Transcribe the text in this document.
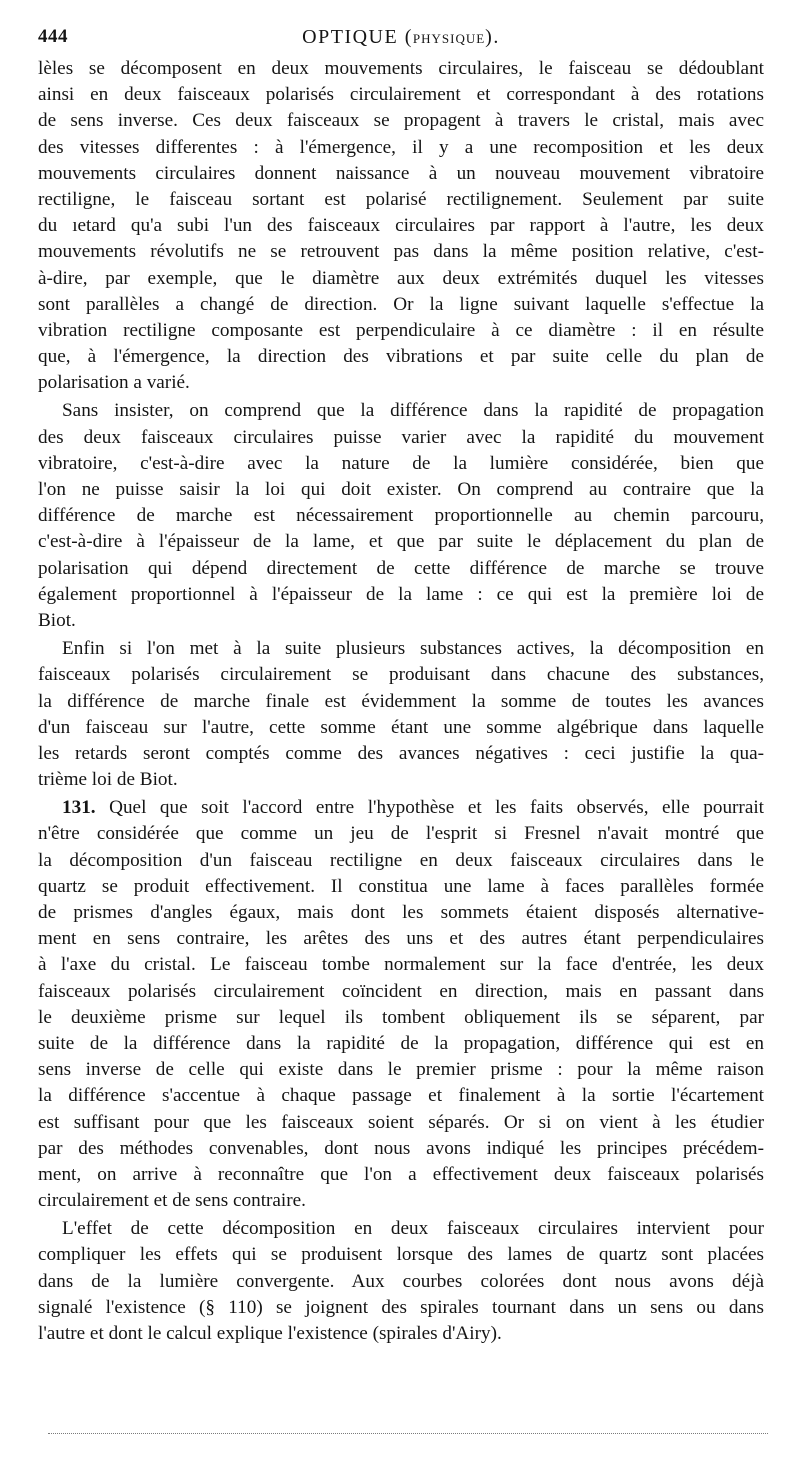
444	OPTIQUE (PHYSIQUE).
lèles se décomposent en deux mouvements circulaires, le faisceau se dédoublant
ainsi en deux faisceaux polarisés circulairement et correspondant à des rotations
de sens inverse. Ces deux faisceaux se propagent à travers le cristal, mais avec
des vitesses differentes : à l'émergence, il y a une recomposition et les deux
mouvements circulaires donnent naissance à un nouveau mouvement vibratoire
rectiligne, le faisceau sortant est polarisé rectilignement. Seulement par suite
du ıetard qu'a subi l'un des faisceaux circulaires par rapport à l'autre, les deux
mouvements révolutifs ne se retrouvent pas dans la même position relative, c'est-
à-dire, par exemple, que le diamètre aux deux extrémités duquel les vitesses
sont parallèles a changé de direction. Or la ligne suivant laquelle s'effectue la
vibration rectiligne composante est perpendiculaire à ce diamètre : il en résulte
que, à l'émergence, la direction des vibrations et par suite celle du plan de
polarisation a varié.
Sans insister, on comprend que la différence dans la rapidité de propagation
des deux faisceaux circulaires puisse varier avec la rapidité du mouvement
vibratoire, c'est-à-dire avec la nature de la lumière considérée, bien que
l'on ne puisse saisir la loi qui doit exister. On comprend au contraire que la
différence de marche est nécessairement proportionnelle au chemin parcouru,
c'est-à-dire à l'épaisseur de la lame, et que par suite le déplacement du plan de
polarisation qui dépend directement de cette différence de marche se trouve
également proportionnel à l'épaisseur de la lame : ce qui est la première loi de
Biot.
Enfin si l'on met à la suite plusieurs substances actives, la décomposition en
faisceaux polarisés circulairement se produisant dans chacune des substances,
la différence de marche finale est évidemment la somme de toutes les avances
d'un faisceau sur l'autre, cette somme étant une somme algébrique dans laquelle
les retards seront comptés comme des avances négatives : ceci justifie la qua-
trième loi de Biot.
131. Quel que soit l'accord entre l'hypothèse et les faits observés, elle pourrait
n'être considérée que comme un jeu de l'esprit si Fresnel n'avait montré que
la décomposition d'un faisceau rectiligne en deux faisceaux circulaires dans le
quartz se produit effectivement. Il constitua une lame à faces parallèles formée
de prismes d'angles égaux, mais dont les sommets étaient disposés alternative-
ment en sens contraire, les arêtes des uns et des autres étant perpendiculaires
à l'axe du cristal. Le faisceau tombe normalement sur la face d'entrée, les deux
faisceaux polarisés circulairement coïncident en direction, mais en passant dans
le deuxième prisme sur lequel ils tombent obliquement ils se séparent, par
suite de la différence dans la rapidité de la propagation, différence qui est en
sens inverse de celle qui existe dans le premier prisme : pour la même raison
la différence s'accentue à chaque passage et finalement à la sortie l'écartement
est suffisant pour que les faisceaux soient séparés. Or si on vient à les étudier
par des méthodes convenables, dont nous avons indiqué les principes précédem-
ment, on arrive à reconnaître que l'on a effectivement deux faisceaux polarisés
circulairement et de sens contraire.
L'effet de cette décomposition en deux faisceaux circulaires intervient pour
compliquer les effets qui se produisent lorsque des lames de quartz sont placées
dans de la lumière convergente. Aux courbes colorées dont nous avons déjà
signalé l'existence (§ 110) se joignent des spirales tournant dans un sens ou dans
l'autre et dont le calcul explique l'existence (spirales d'Airy).
